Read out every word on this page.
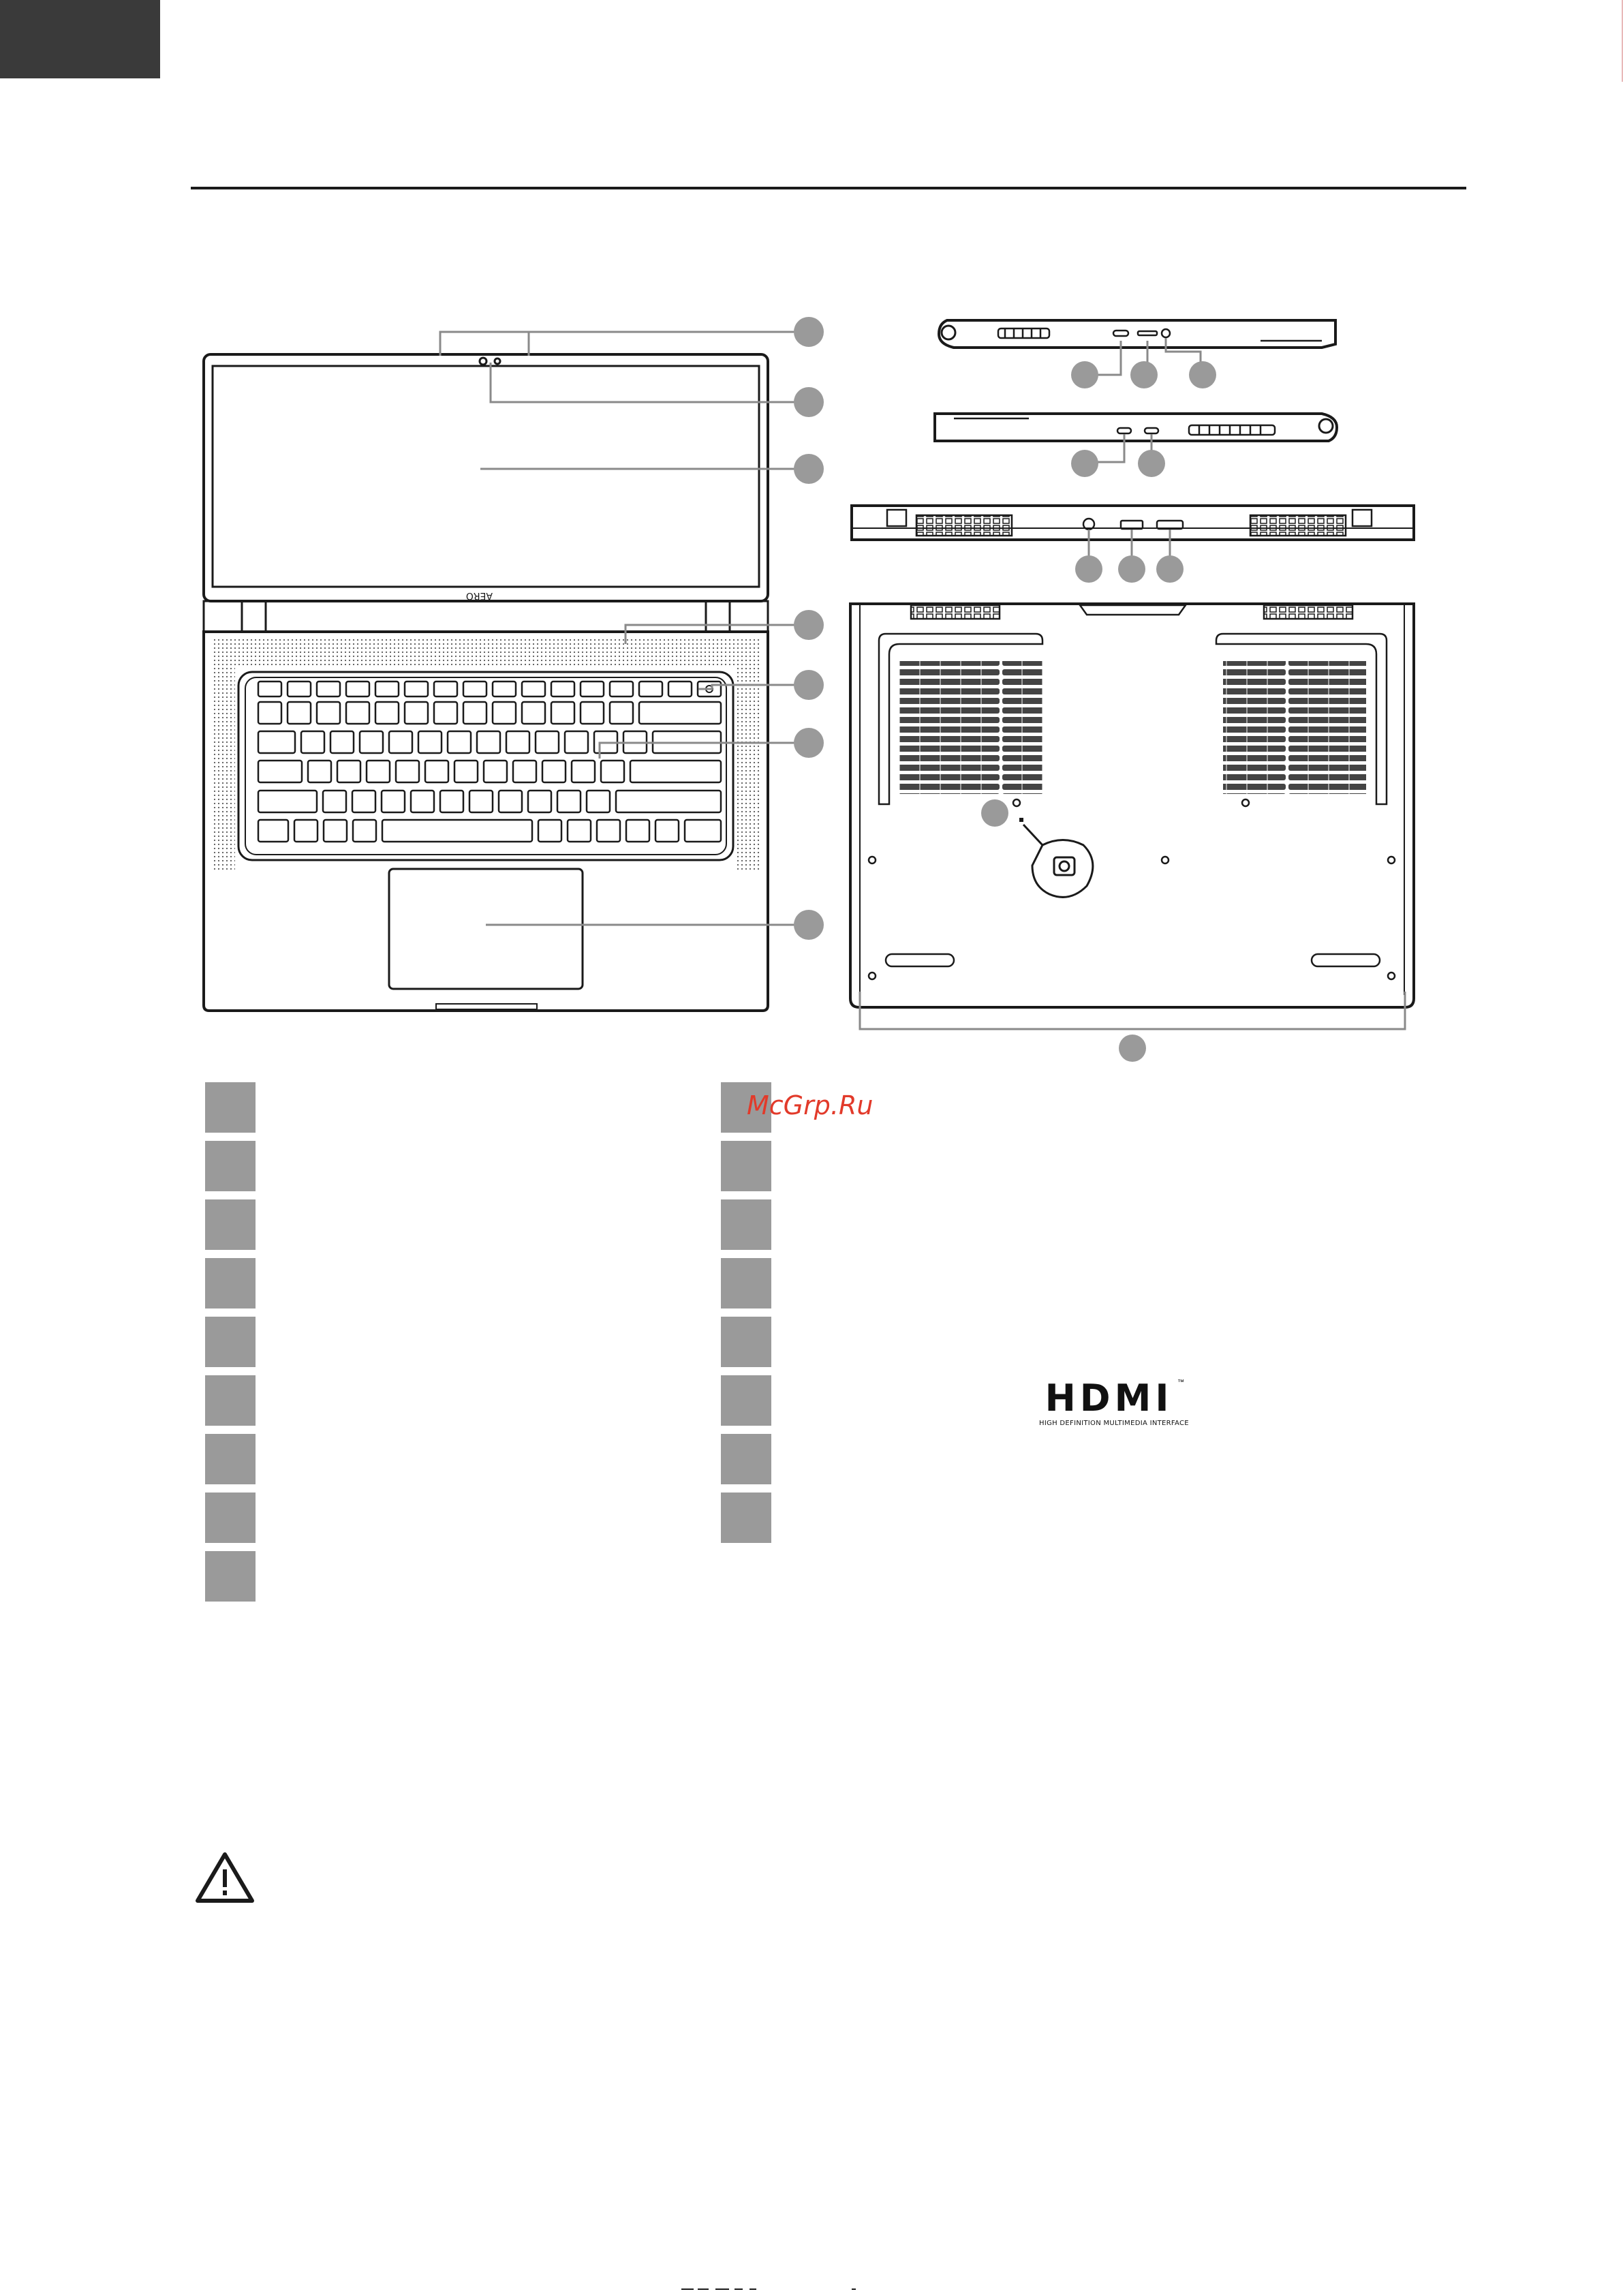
AERO
McGrp.Ru
HDMI ™
HIGH DEFINITION MULTIMEDIA INTERFACE
